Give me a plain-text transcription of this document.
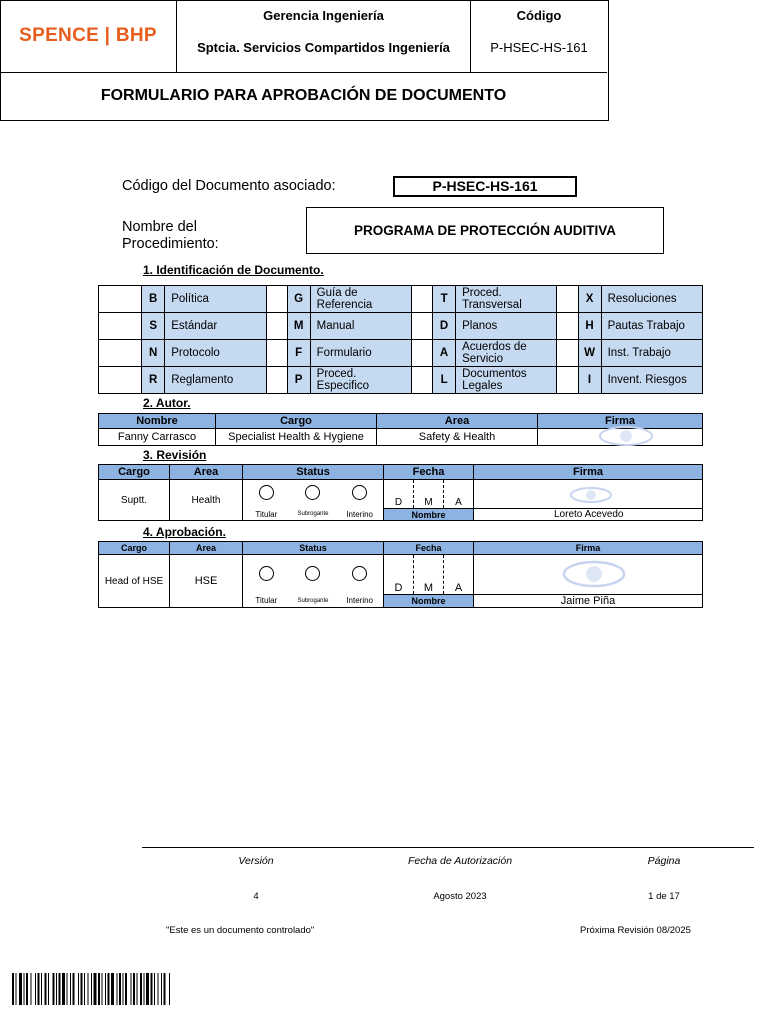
SPENCE | BHP
Gerencia Ingeniería
Sptcia. Servicios Compartidos Ingeniería
Código
P-HSEC-HS-161
FORMULARIO PARA APROBACIÓN DE DOCUMENTO
Código del Documento asociado:	P-HSEC-HS-161
Nombre del
Procedimiento:
PROGRAMA DE PROTECCIÓN AUDITIVA
1. Identificación de Documento.
	B	Política		G	Guía de Referencia		T	Proced. Transversal		X	Resoluciones
	S	Estándar		M	Manual		D	Planos		H	Pautas Trabajo
	N	Protocolo		F	Formulario		A	Acuerdos de Servicio		W	Inst. Trabajo
	R	Reglamento		P	Proced. Especifico		L	Documentos Legales		I	Invent. Riesgos
2. Autor.
Nombre	Cargo	Area	Firma
Fanny Carrasco	Specialist Health & Hygiene	Safety & Health	
3. Revisión
Cargo	Area	Status			Fecha			Firma
Suptt.	Health				D	M	A	

		Titular	Subrogante	Interino	Nombre			Loreto Acevedo
4. Aprobación.
Cargo	Area	Status			Fecha			Firma
Head of HSE	HSE				D	M	A	

		Titular	Subrogante	Interino	Nombre			Jaime Piña
Versión	Fecha de Autorización	Página
4	Agosto 2023	1 de 17
"Este es un documento controlado"	Próxima Revisión 08/2025
